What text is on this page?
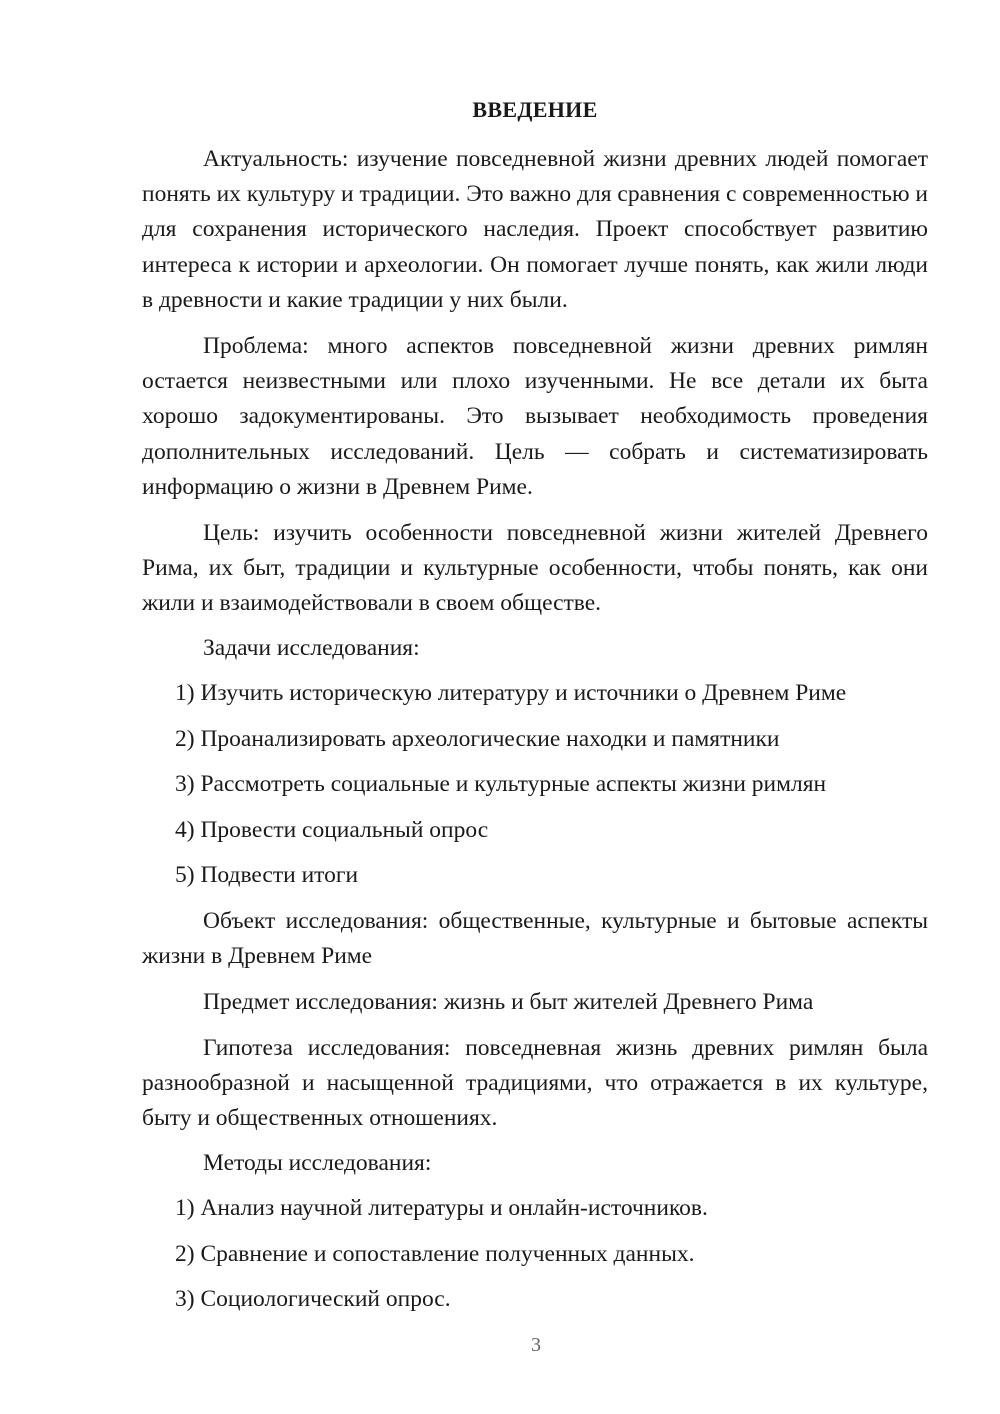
ВВЕДЕНИЕ

Актуальность: изучение повседневной жизни древних людей помогает понять их культуру и традиции. Это важно для сравнения с современностью и для сохранения исторического наследия. Проект способствует развитию интереса к истории и археологии. Он помогает лучше понять, как жили люди в древности и какие традиции у них были.

Проблема: много аспектов повседневной жизни древних римлян остается неизвестными или плохо изученными. Не все детали их быта хорошо задокументированы. Это вызывает необходимость проведения дополнительных исследований. Цель — собрать и систематизировать информацию о жизни в Древнем Риме.

Цель: изучить особенности повседневной жизни жителей Древнего Рима, их быт, традиции и культурные особенности, чтобы понять, как они жили и взаимодействовали в своем обществе.

Задачи исследования:

1) Изучить историческую литературу и источники о Древнем Риме

2) Проанализировать археологические находки и памятники

3) Рассмотреть социальные и культурные аспекты жизни римлян

4) Провести социальный опрос

5) Подвести итоги

Объект исследования: общественные, культурные и бытовые аспекты жизни в Древнем Риме

Предмет исследования: жизнь и быт жителей Древнего Рима

Гипотеза исследования: повседневная жизнь древних римлян была разнообразной и насыщенной традициями, что отражается в их культуре, быту и общественных отношениях.

Методы исследования:

1) Анализ научной литературы и онлайн-источников.

2) Сравнение и сопоставление полученных данных.

3) Социологический опрос.

3
